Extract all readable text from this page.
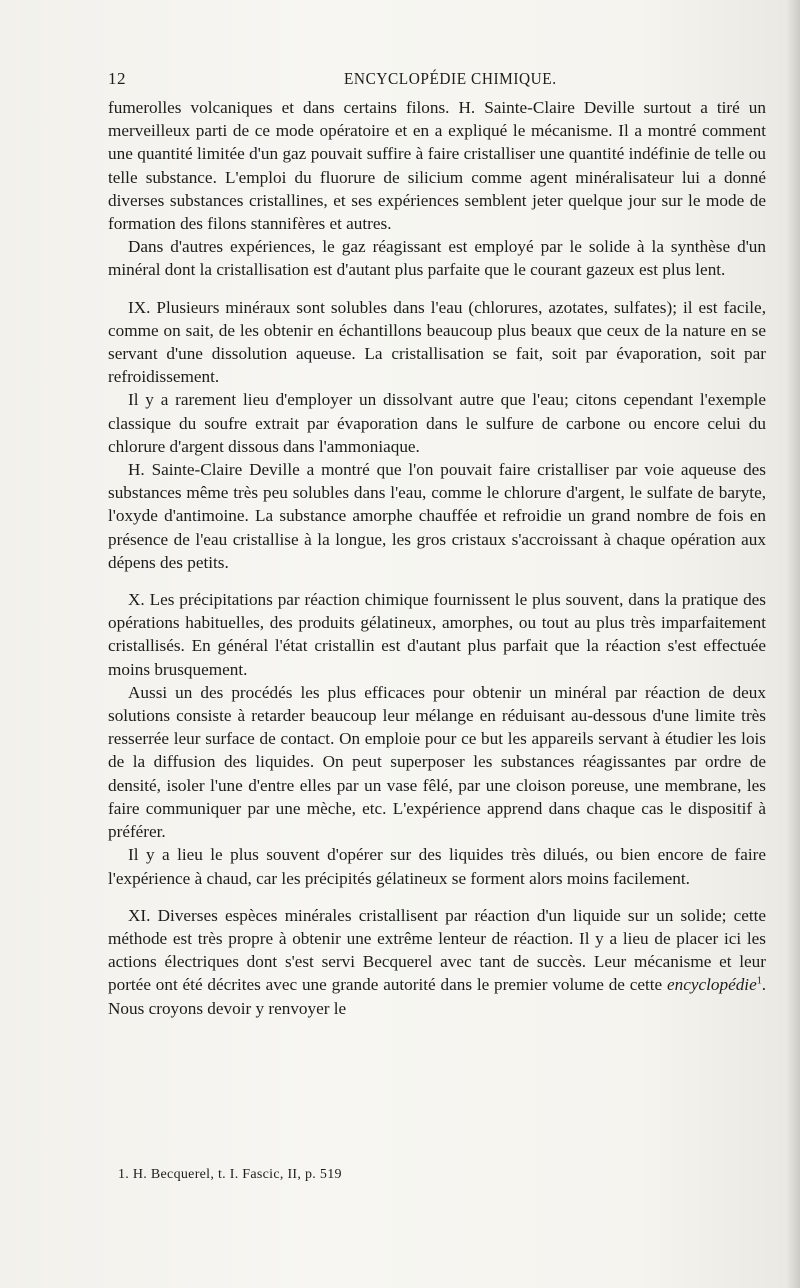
12	ENCYCLOPÉDIE CHIMIQUE.

fumerolles volcaniques et dans certains filons. H. Sainte-Claire Deville surtout a tiré un merveilleux parti de ce mode opératoire et en a expliqué le mécanisme. Il a montré comment une quantité limitée d'un gaz pouvait suffire à faire cristalliser une quantité indéfinie de telle ou telle substance. L'emploi du fluorure de silicium comme agent minéralisateur lui a donné diverses substances cristallines, et ses expériences semblent jeter quelque jour sur le mode de formation des filons stannifères et autres.

Dans d'autres expériences, le gaz réagissant est employé par le solide à la synthèse d'un minéral dont la cristallisation est d'autant plus parfaite que le courant gazeux est plus lent.

IX. Plusieurs minéraux sont solubles dans l'eau (chlorures, azotates, sulfates); il est facile, comme on sait, de les obtenir en échantillons beaucoup plus beaux que ceux de la nature en se servant d'une dissolution aqueuse. La cristallisation se fait, soit par évaporation, soit par refroidissement.

Il y a rarement lieu d'employer un dissolvant autre que l'eau; citons cependant l'exemple classique du soufre extrait par évaporation dans le sulfure de carbone ou encore celui du chlorure d'argent dissous dans l'ammoniaque.

H. Sainte-Claire Deville a montré que l'on pouvait faire cristalliser par voie aqueuse des substances même très peu solubles dans l'eau, comme le chlorure d'argent, le sulfate de baryte, l'oxyde d'antimoine. La substance amorphe chauffée et refroidie un grand nombre de fois en présence de l'eau cristallise à la longue, les gros cristaux s'accroissant à chaque opération aux dépens des petits.

X. Les précipitations par réaction chimique fournissent le plus souvent, dans la pratique des opérations habituelles, des produits gélatineux, amorphes, ou tout au plus très imparfaitement cristallisés. En général l'état cristallin est d'autant plus parfait que la réaction s'est effectuée moins brusquement.

Aussi un des procédés les plus efficaces pour obtenir un minéral par réaction de deux solutions consiste à retarder beaucoup leur mélange en réduisant au-dessous d'une limite très resserrée leur surface de contact. On emploie pour ce but les appareils servant à étudier les lois de la diffusion des liquides. On peut superposer les substances réagissantes par ordre de densité, isoler l'une d'entre elles par un vase fêlé, par une cloison poreuse, une membrane, les faire communiquer par une mèche, etc. L'expérience apprend dans chaque cas le dispositif à préférer.

Il y a lieu le plus souvent d'opérer sur des liquides très dilués, ou bien encore de faire l'expérience à chaud, car les précipités gélatineux se forment alors moins facilement.

XI. Diverses espèces minérales cristallisent par réaction d'un liquide sur un solide; cette méthode est très propre à obtenir une extrême lenteur de réaction. Il y a lieu de placer ici les actions électriques dont s'est servi Becquerel avec tant de succès. Leur mécanisme et leur portée ont été décrites avec une grande autorité dans le premier volume de cette encyclopédie$^1$. Nous croyons devoir y renvoyer le

1. H. Becquerel, t. I. Fascic, II, p. 519
